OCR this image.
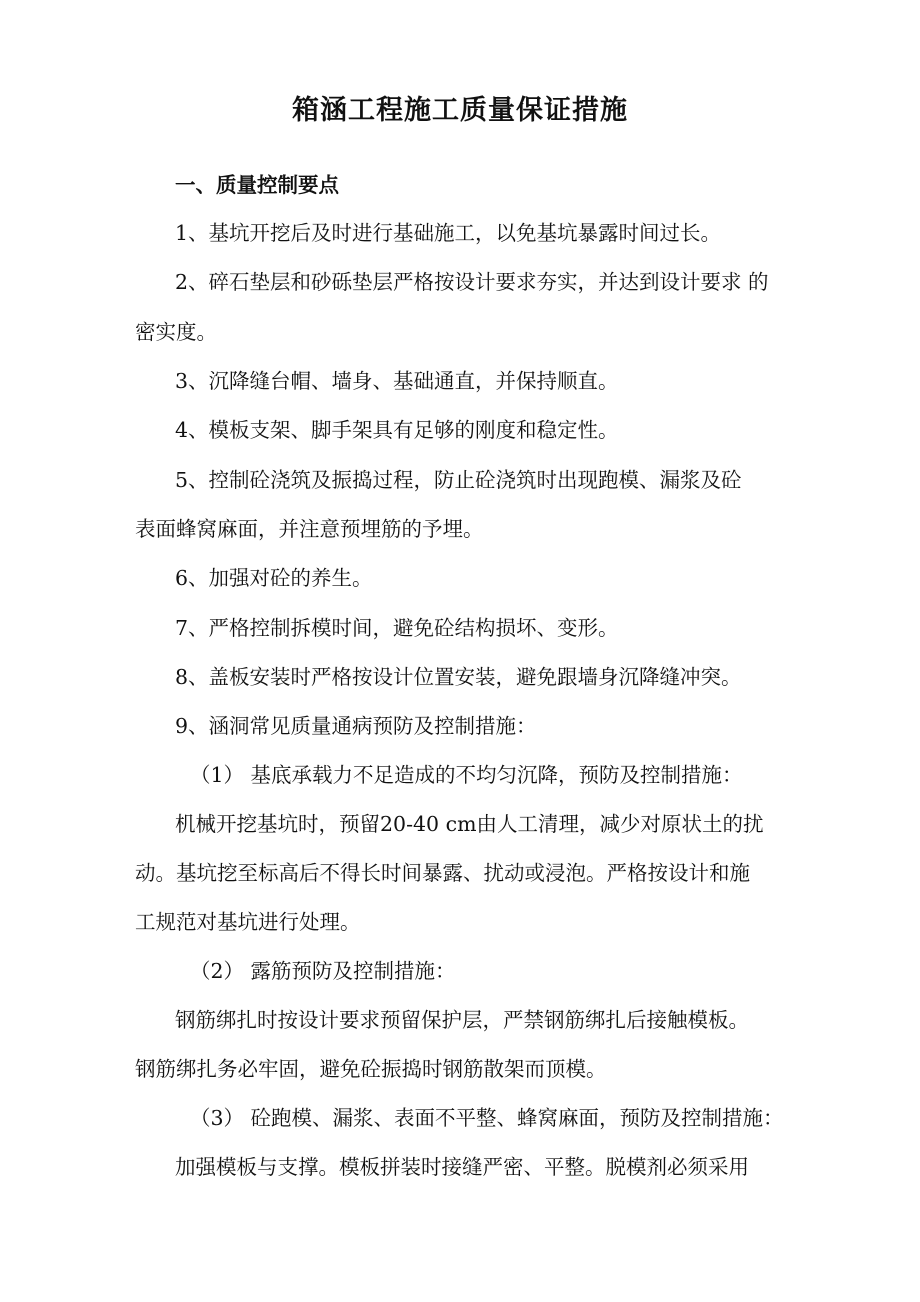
箱涵工程施工质量保证措施
一、质量控制要点
1、基坑开挖后及时进行基础施工，以免基坑暴露时间过长。
2、碎石垫层和砂砾垫层严格按设计要求夯实，并达到设计要求 的
密实度。
3、沉降缝台帽、墙身、基础通直，并保持顺直。
4、模板支架、脚手架具有足够的刚度和稳定性。
5、控制砼浇筑及振捣过程，防止砼浇筑时出现跑模、漏浆及砼
表面蜂窝麻面，并注意预埋筋的予埋。
6、加强对砼的养生。
7、严格控制拆模时间，避免砼结构损坏、变形。
8、盖板安装时严格按设计位置安装，避免跟墙身沉降缝冲突。
9、涵洞常见质量通病预防及控制措施：
（1） 基底承载力不足造成的不均匀沉降，预防及控制措施：
机械开挖基坑时，预留20-40 cm由人工清理，减少对原状土的扰
动。基坑挖至标高后不得长时间暴露、扰动或浸泡。严格按设计和施
工规范对基坑进行处理。
（2） 露筋预防及控制措施：
钢筋绑扎时按设计要求预留保护层，严禁钢筋绑扎后接触模板。
钢筋绑扎务必牢固，避免砼振捣时钢筋散架而顶模。
（3） 砼跑模、漏浆、表面不平整、蜂窝麻面，预防及控制措施：
加强模板与支撑。模板拼装时接缝严密、平整。脱模剂必须采用
